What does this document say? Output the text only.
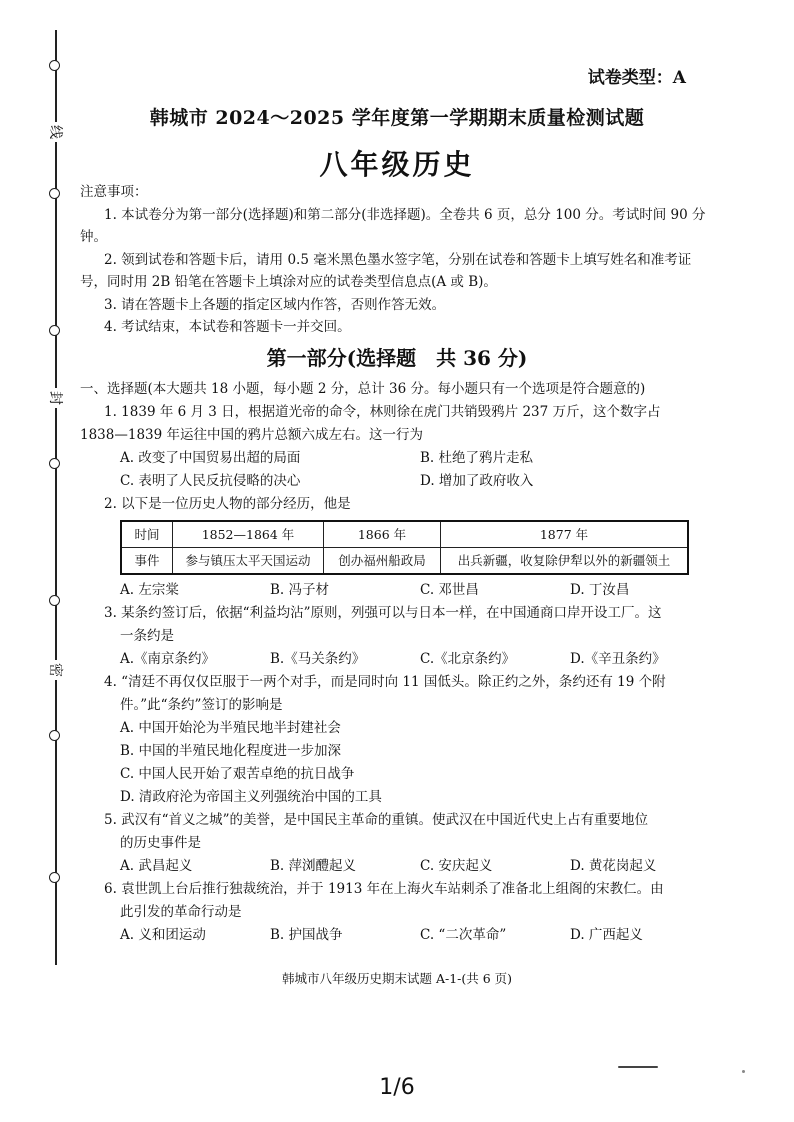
线
封
密
试卷类型：A
韩城市 2024～2025 学年度第一学期期末质量检测试题
八年级历史
注意事项：

1. 本试卷分为第一部分(选择题)和第二部分(非选择题)。全卷共 6 页，总分 100 分。考试时间 90 分钟。

2. 领到试卷和答题卡后，请用 0.5 毫米黑色墨水签字笔，分别在试卷和答题卡上填写姓名和准考证号，同时用 2B 铅笔在答题卡上填涂对应的试卷类型信息点(A 或 B)。

3. 请在答题卡上各题的指定区域内作答，否则作答无效。

4. 考试结束，本试卷和答题卡一并交回。

第一部分(选择题　共 36 分)

一、选择题(本大题共 18 小题，每小题 2 分，总计 36 分。每小题只有一个选项是符合题意的)

1. 1839 年 6 月 3 日，根据道光帝的命令，林则徐在虎门共销毁鸦片 237 万斤，这个数字占

1838—1839 年运往中国的鸦片总额六成左右。这一行为

A. 改变了中国贸易出超的局面	B. 杜绝了鸦片走私
C. 表明了人民反抗侵略的决心	D. 增加了政府收入

2. 以下是一位历史人物的部分经历，他是

时间	1852—1864 年	1866 年	1877 年
事件	参与镇压太平天国运动	创办福州船政局	出兵新疆，收复除伊犁以外的新疆领土
A. 左宗棠	B. 冯子材	C. 邓世昌	D. 丁汝昌

3. 某条约签订后，依据“利益均沾”原则，列强可以与日本一样，在中国通商口岸开设工厂。这

一条约是

A.《南京条约》	B.《马关条约》	C.《北京条约》	D.《辛丑条约》

4. “清廷不再仅仅臣服于一两个对手，而是同时向 11 国低头。除正约之外，条约还有 19 个附

件。”此“条约”签订的影响是

A. 中国开始沦为半殖民地半封建社会
B. 中国的半殖民地化程度进一步加深
C. 中国人民开始了艰苦卓绝的抗日战争
D. 清政府沦为帝国主义列强统治中国的工具

5. 武汉有“首义之城”的美誉，是中国民主革命的重镇。使武汉在中国近代史上占有重要地位

的历史事件是

A. 武昌起义	B. 萍浏醴起义	C. 安庆起义	D. 黄花岗起义

6. 袁世凯上台后推行独裁统治，并于 1913 年在上海火车站刺杀了准备北上组阁的宋教仁。由

此引发的革命行动是

A. 义和团运动	B. 护国战争	C. “二次革命”	D. 广西起义
韩城市八年级历史期末试题 A-1-(共 6 页)
1/6
